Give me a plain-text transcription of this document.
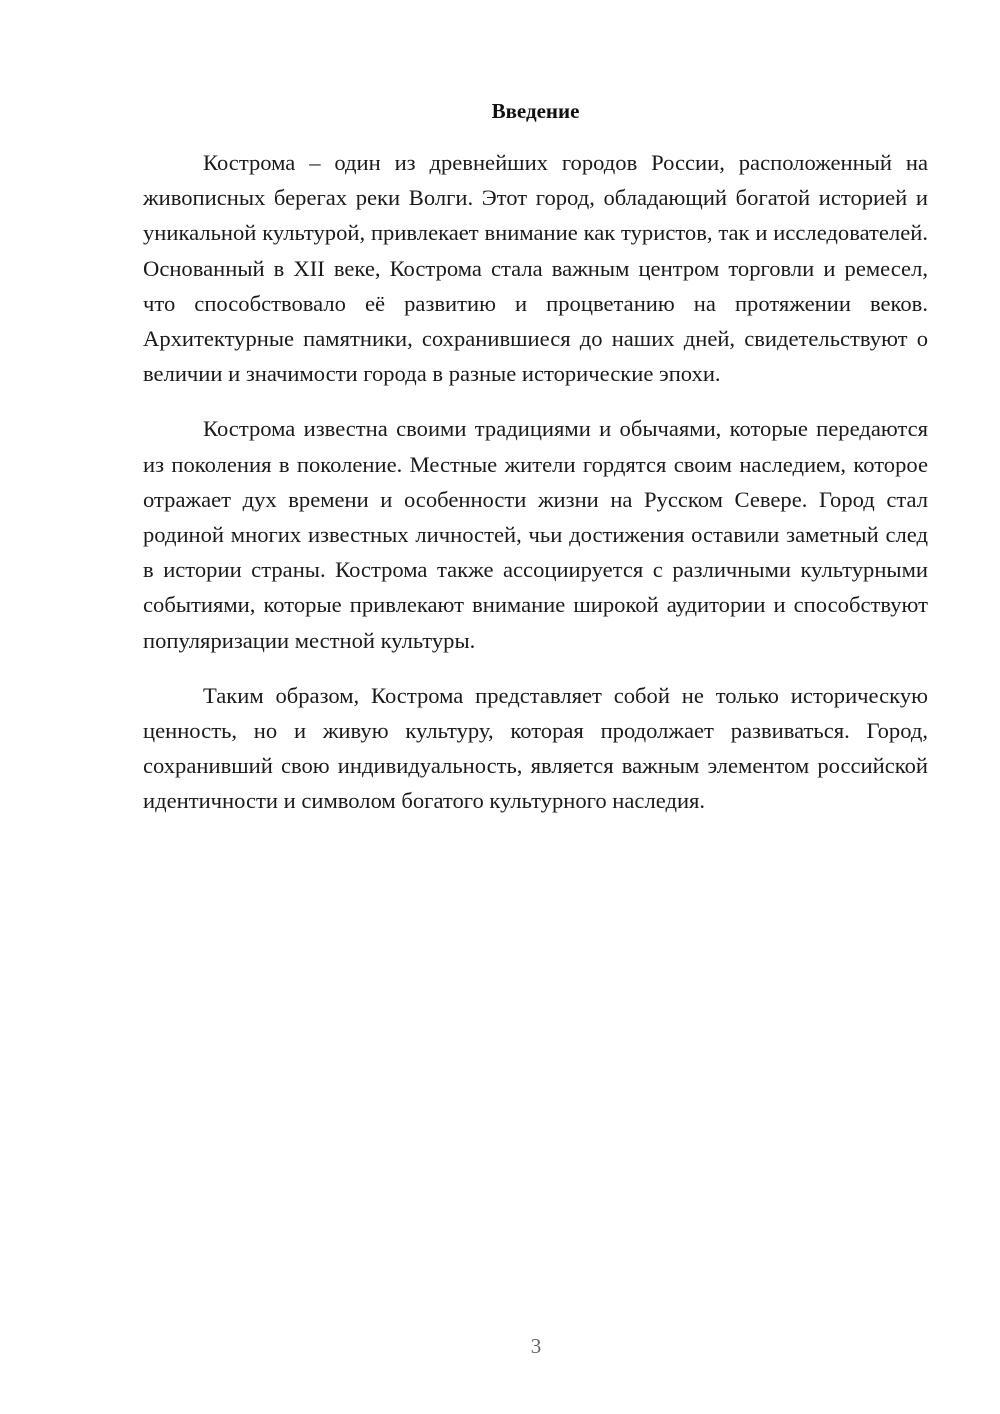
Введение

Кострома – один из древнейших городов России, расположенный на живописных берегах реки Волги. Этот город, обладающий богатой историей и уникальной культурой, привлекает внимание как туристов, так и исследователей. Основанный в XII веке, Кострома стала важным центром торговли и ремесел, что способствовало её развитию и процветанию на протяжении веков. Архитектурные памятники, сохранившиеся до наших дней, свидетельствуют о величии и значимости города в разные исторические эпохи.

Кострома известна своими традициями и обычаями, которые передаются из поколения в поколение. Местные жители гордятся своим наследием, которое отражает дух времени и особенности жизни на Русском Севере. Город стал родиной многих известных личностей, чьи достижения оставили заметный след в истории страны. Кострома также ассоциируется с различными культурными событиями, которые привлекают внимание широкой аудитории и способствуют популяризации местной культуры.

Таким образом, Кострома представляет собой не только историческую ценность, но и живую культуру, которая продолжает развиваться. Город, сохранивший свою индивидуальность, является важным элементом российской идентичности и символом богатого культурного наследия.

3
